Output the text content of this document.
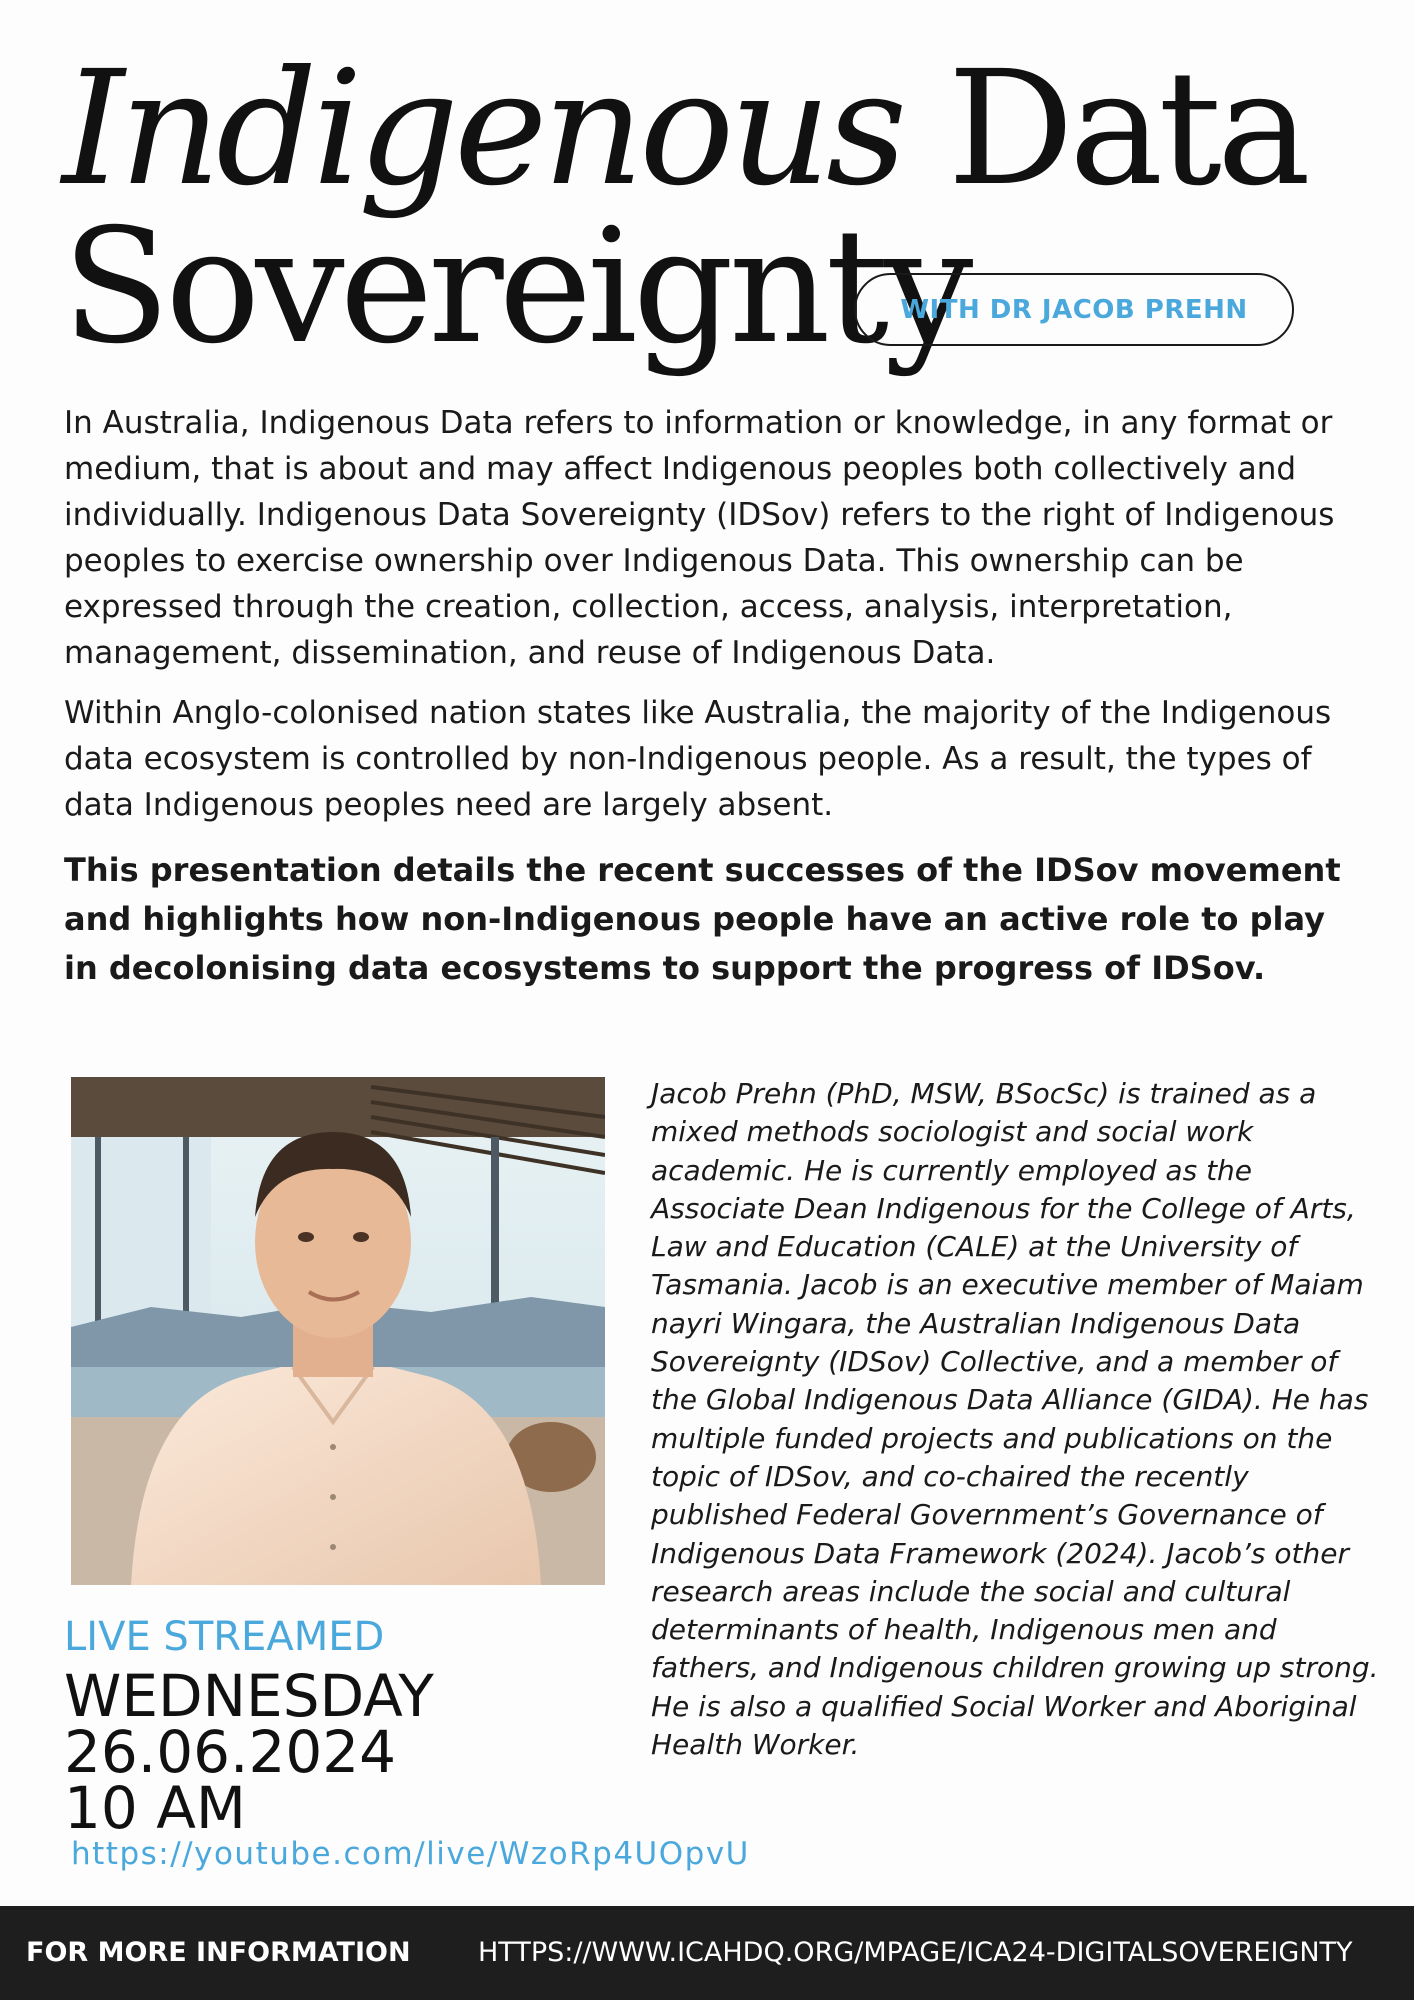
Indigenous Data
Sovereignty
WITH DR JACOB PREHN

In Australia, Indigenous Data refers to information or knowledge, in any format or medium, that is about and may affect Indigenous peoples both collectively and individually. Indigenous Data Sovereignty (IDSov) refers to the right of Indigenous peoples to exercise ownership over Indigenous Data. This ownership can be expressed through the creation, collection, access, analysis, interpretation, management, dissemination, and reuse of Indigenous Data.

Within Anglo-colonised nation states like Australia, the majority of the Indigenous data ecosystem is controlled by non-Indigenous people. As a result, the types of data Indigenous peoples need are largely absent.

This presentation details the recent successes of the IDSov movement and highlights how non-Indigenous people have an active role to play in decolonising data ecosystems to support the progress of IDSov.

Jacob Prehn (PhD, MSW, BSocSc) is trained as a mixed methods sociologist and social work academic. He is currently employed as the Associate Dean Indigenous for the College of Arts, Law and Education (CALE) at the University of Tasmania. Jacob is an executive member of Maiam nayri Wingara, the Australian Indigenous Data Sovereignty (IDSov) Collective, and a member of the Global Indigenous Data Alliance (GIDA). He has multiple funded projects and publications on the topic of IDSov, and co-chaired the recently published Federal Government’s Governance of Indigenous Data Framework (2024). Jacob’s other research areas include the social and cultural determinants of health, Indigenous men and fathers, and Indigenous children growing up strong. He is also a qualified Social Worker and Aboriginal Health Worker.

LIVE STREAMED
WEDNESDAY
26.06.2024
10 AM
https://youtube.com/live/WzoRp4UOpvU
FOR MORE INFORMATION HTTPS://WWW.ICAHDQ.ORG/MPAGE/ICA24-DIGITALSOVEREIGNTY
